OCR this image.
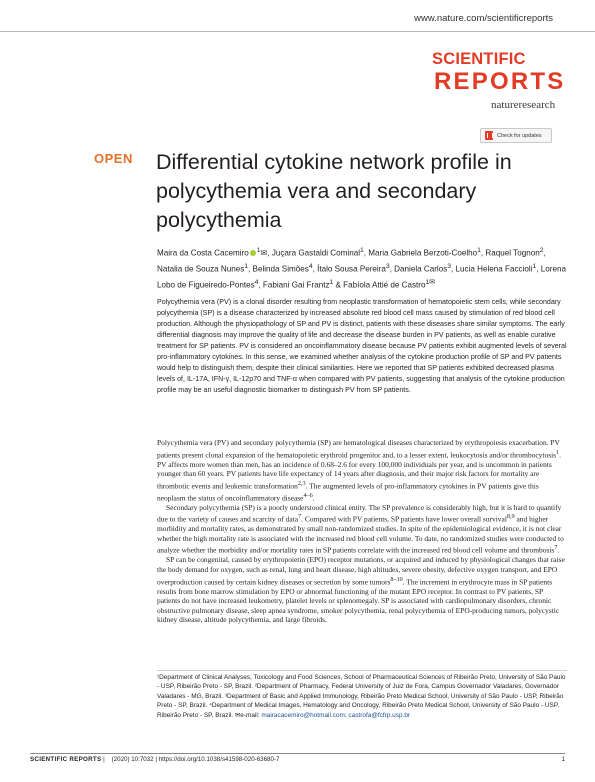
www.nature.com/scientificreports
SCIENTIFIC
REPORTS
natureresearch
Check for updates
OPEN Differential cytokine network profile in polycythemia vera and secondary polycythemia
Maira da Costa Cacemiro $^1$✉, Juçara Gastaldi Cominal$^1$, Maria Gabriela Berzoti-Coelho$^1$, Raquel Tognon$^2$, Natalia de Souza Nunes$^1$, Belinda Simões$^4$, Ítalo Sousa Pereira$^3$, Daniela Carlos$^3$, Lucia Helena Faccioli$^1$, Lorena Lobo de Figueiredo-Pontes$^4$, Fabiani Gai Frantz$^1$ & Fabíola Attié de Castro$^{1✉}$

Polycythemia vera (PV) is a clonal disorder resulting from neoplastic transformation of hematopoietic stem cells, while secondary polycythemia (SP) is a disease characterized by increased absolute red blood cell mass caused by stimulation of red blood cell production. Although the physiopathology of SP and PV is distinct, patients with these diseases share similar symptoms. The early differential diagnosis may improve the quality of life and decrease the disease burden in PV patients, as well as enable curative treatment for SP patients. PV is considered an oncoinflammatory disease because PV patients exhibit augmented levels of several pro-inflammatory cytokines. In this sense, we examined whether analysis of the cytokine production profile of SP and PV patients would help to distinguish them, despite their clinical similarities. Here we reported that SP patients exhibited decreased plasma levels of, IL-17A, IFN-γ, IL-12p70 and TNF-α when compared with PV patients, suggesting that analysis of the cytokine production profile may be an useful diagnostic biomarker to distinguish PV from SP patients.

Polycythemia vera (PV) and secondary polycythemia (SP) are hematological diseases characterized by erythropoiesis exacerbation. PV patients present clonal expansion of the hematopoietic erythroid progenitor and, to a lesser extent, leukocytosis and/or thrombocytosis$^1$. PV affects more women than men, has an incidence of 0.68–2.6 for every 100,000 individuals per year, and is uncommon in patients younger than 60 years. PV patients have life expectancy of 14 years after diagnosis, and their major risk factors for mortality are thrombotic events and leukemic transformation$^{2,3}$. The augmented levels of pro-inflammatory cytokines in PV patients give this neoplasm the status of oncoinflammatory disease$^{4-6}$.

Secondary polycythemia (SP) is a poorly understood clinical entity. The SP prevalence is considerably high, but it is hard to quantify due to the variety of causes and scarcity of data$^7$. Compared with PV patients, SP patients have lower overall survival$^{8,9}$ and higher morbidity and mortality rates, as demonstrated by small non-randomized studies. In spite of the epidemiological evidence, it is not clear whether the high mortality rate is associated with the increased red blood cell volume. To date, no randomized studies were conducted to analyze whether the morbidity and/or mortality rates in SP patients correlate with the increased red blood cell volume and thrombosis$^7$.

SP can be congenital, caused by erythropoietin (EPO) receptor mutations, or acquired and induced by physiological changes that raise the body demand for oxygen, such as renal, lung and heart disease, high altitudes, severe obesity, defective oxygen transport, and EPO overproduction caused by certain kidney diseases or secretion by some tumors$^{8-10}$. The increment in erythrocyte mass in SP patients results from bone marrow stimulation by EPO or abnormal functioning of the mutant EPO receptor. In contrast to PV patients, SP patients do not have increased leukometry, platelet levels or splenomegaly. SP is associated with cardiopulmonary disorders, chronic obstructive pulmonary disease, sleep apnea syndrome, smoker polycythemia, renal polycythemia of EPO-producing tumors, polycystic kidney disease, altitude polycythemia, and large fibroids.

¹Department of Clinical Analyses, Toxicology and Food Sciences, School of Pharmaceutical Sciences of Ribeirão Preto, University of São Paulo - USP, Ribeirão Preto - SP, Brazil. ²Department of Pharmacy, Federal University of Juiz de Fora, Campus Governador Valadares, Governador Valadares - MG, Brazil. ³Department of Basic and Applied Immunology, Ribeirão Preto Medical School, University of São Paulo - USP, Ribeirão Preto - SP, Brazil. ⁴Department of Medical Images, Hematology and Oncology, Ribeirão Preto Medical School, University of São Paulo - USP, Ribeirão Preto - SP, Brazil. ✉e-mail: mairacacemiro@hotmail.com; castrofa@fcfrp.usp.br

SCIENTIFIC REPORTS | (2020) 10:7032 | https://doi.org/10.1038/s41598-020-63680-7	1
